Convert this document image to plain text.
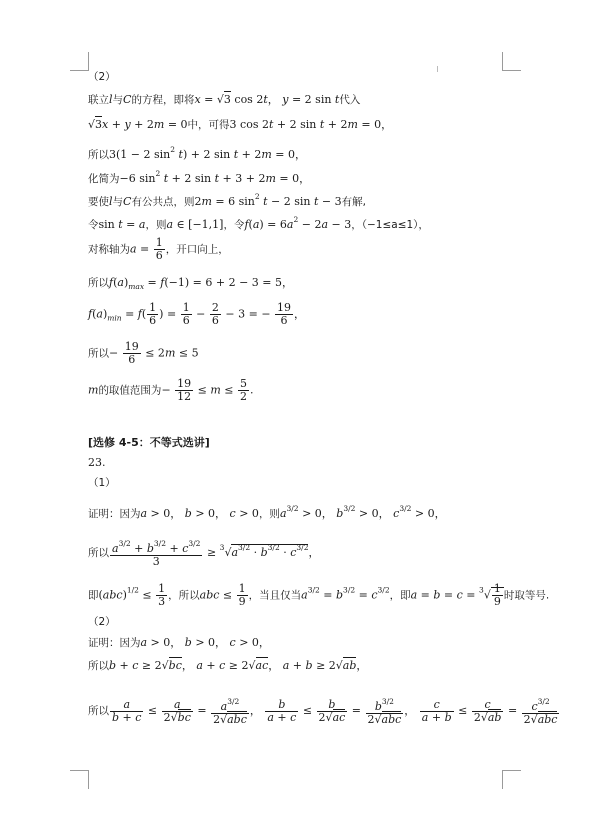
（2）
联立l与C的方程，即将x = √3 cos 2t， y = 2 sin t代入
√3x + y + 2m = 0中，可得3 cos 2t + 2 sin t + 2m = 0，
所以3(1 − 2 $\sin^2 t) + 2$ sin t + 2m = 0，
化简为−6 $\sin^2 t + 2$ sin t + 3 + 2m = 0，
要使l与C有公共点，则2m = 6 $\sin^2 t - 2$ sin t − 3有解,
令sin t = a，则a ∈ [−1,1]，令$f(a) = 6a^2 - 2a - 3$，（−1≤a≤1），
对称轴为$a = \frac{1}{6}$ ，开口向上，
所以$f(a)_{max} = f(-1) = 6 + 2 - 3 = 5$，
$f(a)_{min} = f( \frac{1}{6}$ ) = $\frac{1}{6} - \frac{2}{6} - 3$ = − $\frac{19}{6}$ ，
所以− $\frac{19}{6} \le 2m \le 5$
m的取值范围为− $\frac{19}{12} \le m \le \frac{5}{2}$ .
[选修 4-5：不等式选讲]
23.
（1）
证明：因为a > 0， b > 0， c > 0，则$a^{3/2} > 0$， $b^{3/2} > 0$， $c^{3/2} > 0$，
所以 $\frac{a^{3/2} + b^{3/2} + c^{3/2}}{3} \ge ^3√a^{3/2} \cdot b^{3/2} \cdot c^{3/2}$，
即$(abc)^{1/2} \le \frac{1}{3}$ ，所以abc ≤ $\frac{1}{9}$ ，当且仅当$a^{3/2} = b^{3/2} = c^{3/2}$，即$a = b = c = ^3√ \frac{1}{9}$ 时取等号.
（2）
证明：因为a > 0， b > 0， c > 0，
所以b + c ≥ 2√bc， a + c ≥ 2√ac， a + b ≥ 2√ab，
所以 $\frac{a}{b + c} \le \frac{a}{2√bc} = \frac{a^{3/2}}{\text{2√abc}}$ ， $\frac{b}{a + c} \le \frac{b}{2√ac} = \frac{b^{3/2}}{\text{2√abc}}$ ， $\frac{c}{a + b} \le \frac{c}{2√ab} = \frac{c^{3/2}}{\text{2√abc}}$
